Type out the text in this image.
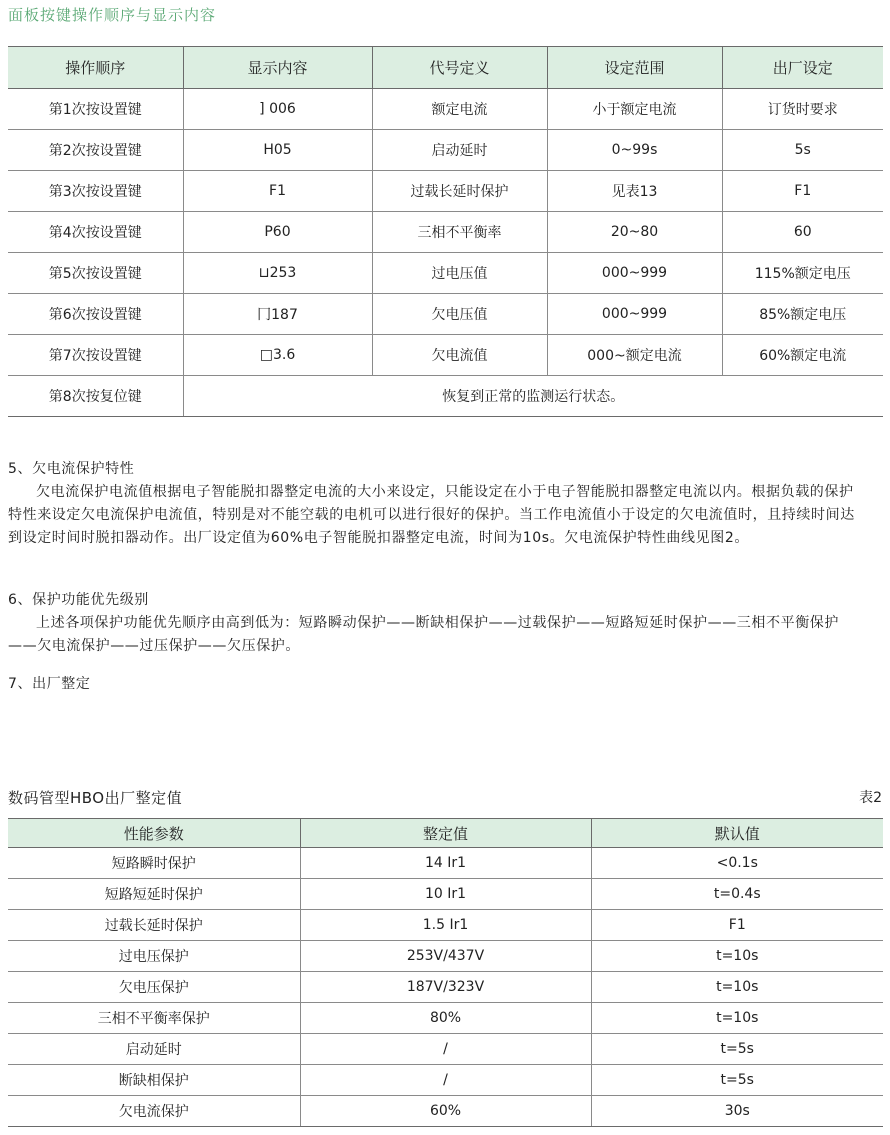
面板按键操作顺序与显示内容
操作顺序	显示内容	代号定义	设定范围	出厂设定
第1次按设置键	] 006	额定电流	小于额定电流	订货时要求
第2次按设置键	H05	启动延时	0~99s	5s
第3次按设置键	F1	过载长延时保护	见表13	F1
第4次按设置键	P60	三相不平衡率	20~80	60
第5次按设置键	⊔253	过电压值	000~999	115%额定电压
第6次按设置键	冂187	欠电压值	000~999	85%额定电压
第7次按设置键	□3.6	欠电流值	000~额定电流	60%额定电流
第8次按复位键	恢复到正常的监测运行状态。			
5、欠电流保护特性
欠电流保护电流值根据电子智能脱扣器整定电流的大小来设定，只能设定在小于电子智能脱扣器整定电流以内。根据负载的保护特性来设定欠电流保护电流值，特别是对不能空载的电机可以进行很好的保护。当工作电流值小于设定的欠电流值时，且持续时间达到设定时间时脱扣器动作。出厂设定值为60%电子智能脱扣器整定电流，时间为10s。欠电流保护特性曲线见图2。
6、保护功能优先级别
上述各项保护功能优先顺序由高到低为：短路瞬动保护——断缺相保护——过载保护——短路短延时保护——三相不平衡保护——欠电流保护——过压保护——欠压保护。
7、出厂整定
数码管型HBO出厂整定值	表2
性能参数	整定值	默认值
短路瞬时保护	14 Ir1	<0.1s
短路短延时保护	10 Ir1	t=0.4s
过载长延时保护	1.5 Ir1	F1
过电压保护	253V/437V	t=10s
欠电压保护	187V/323V	t=10s
三相不平衡率保护	80%	t=10s
启动延时	/	t=5s
断缺相保护	/	t=5s
欠电流保护	60%	30s
